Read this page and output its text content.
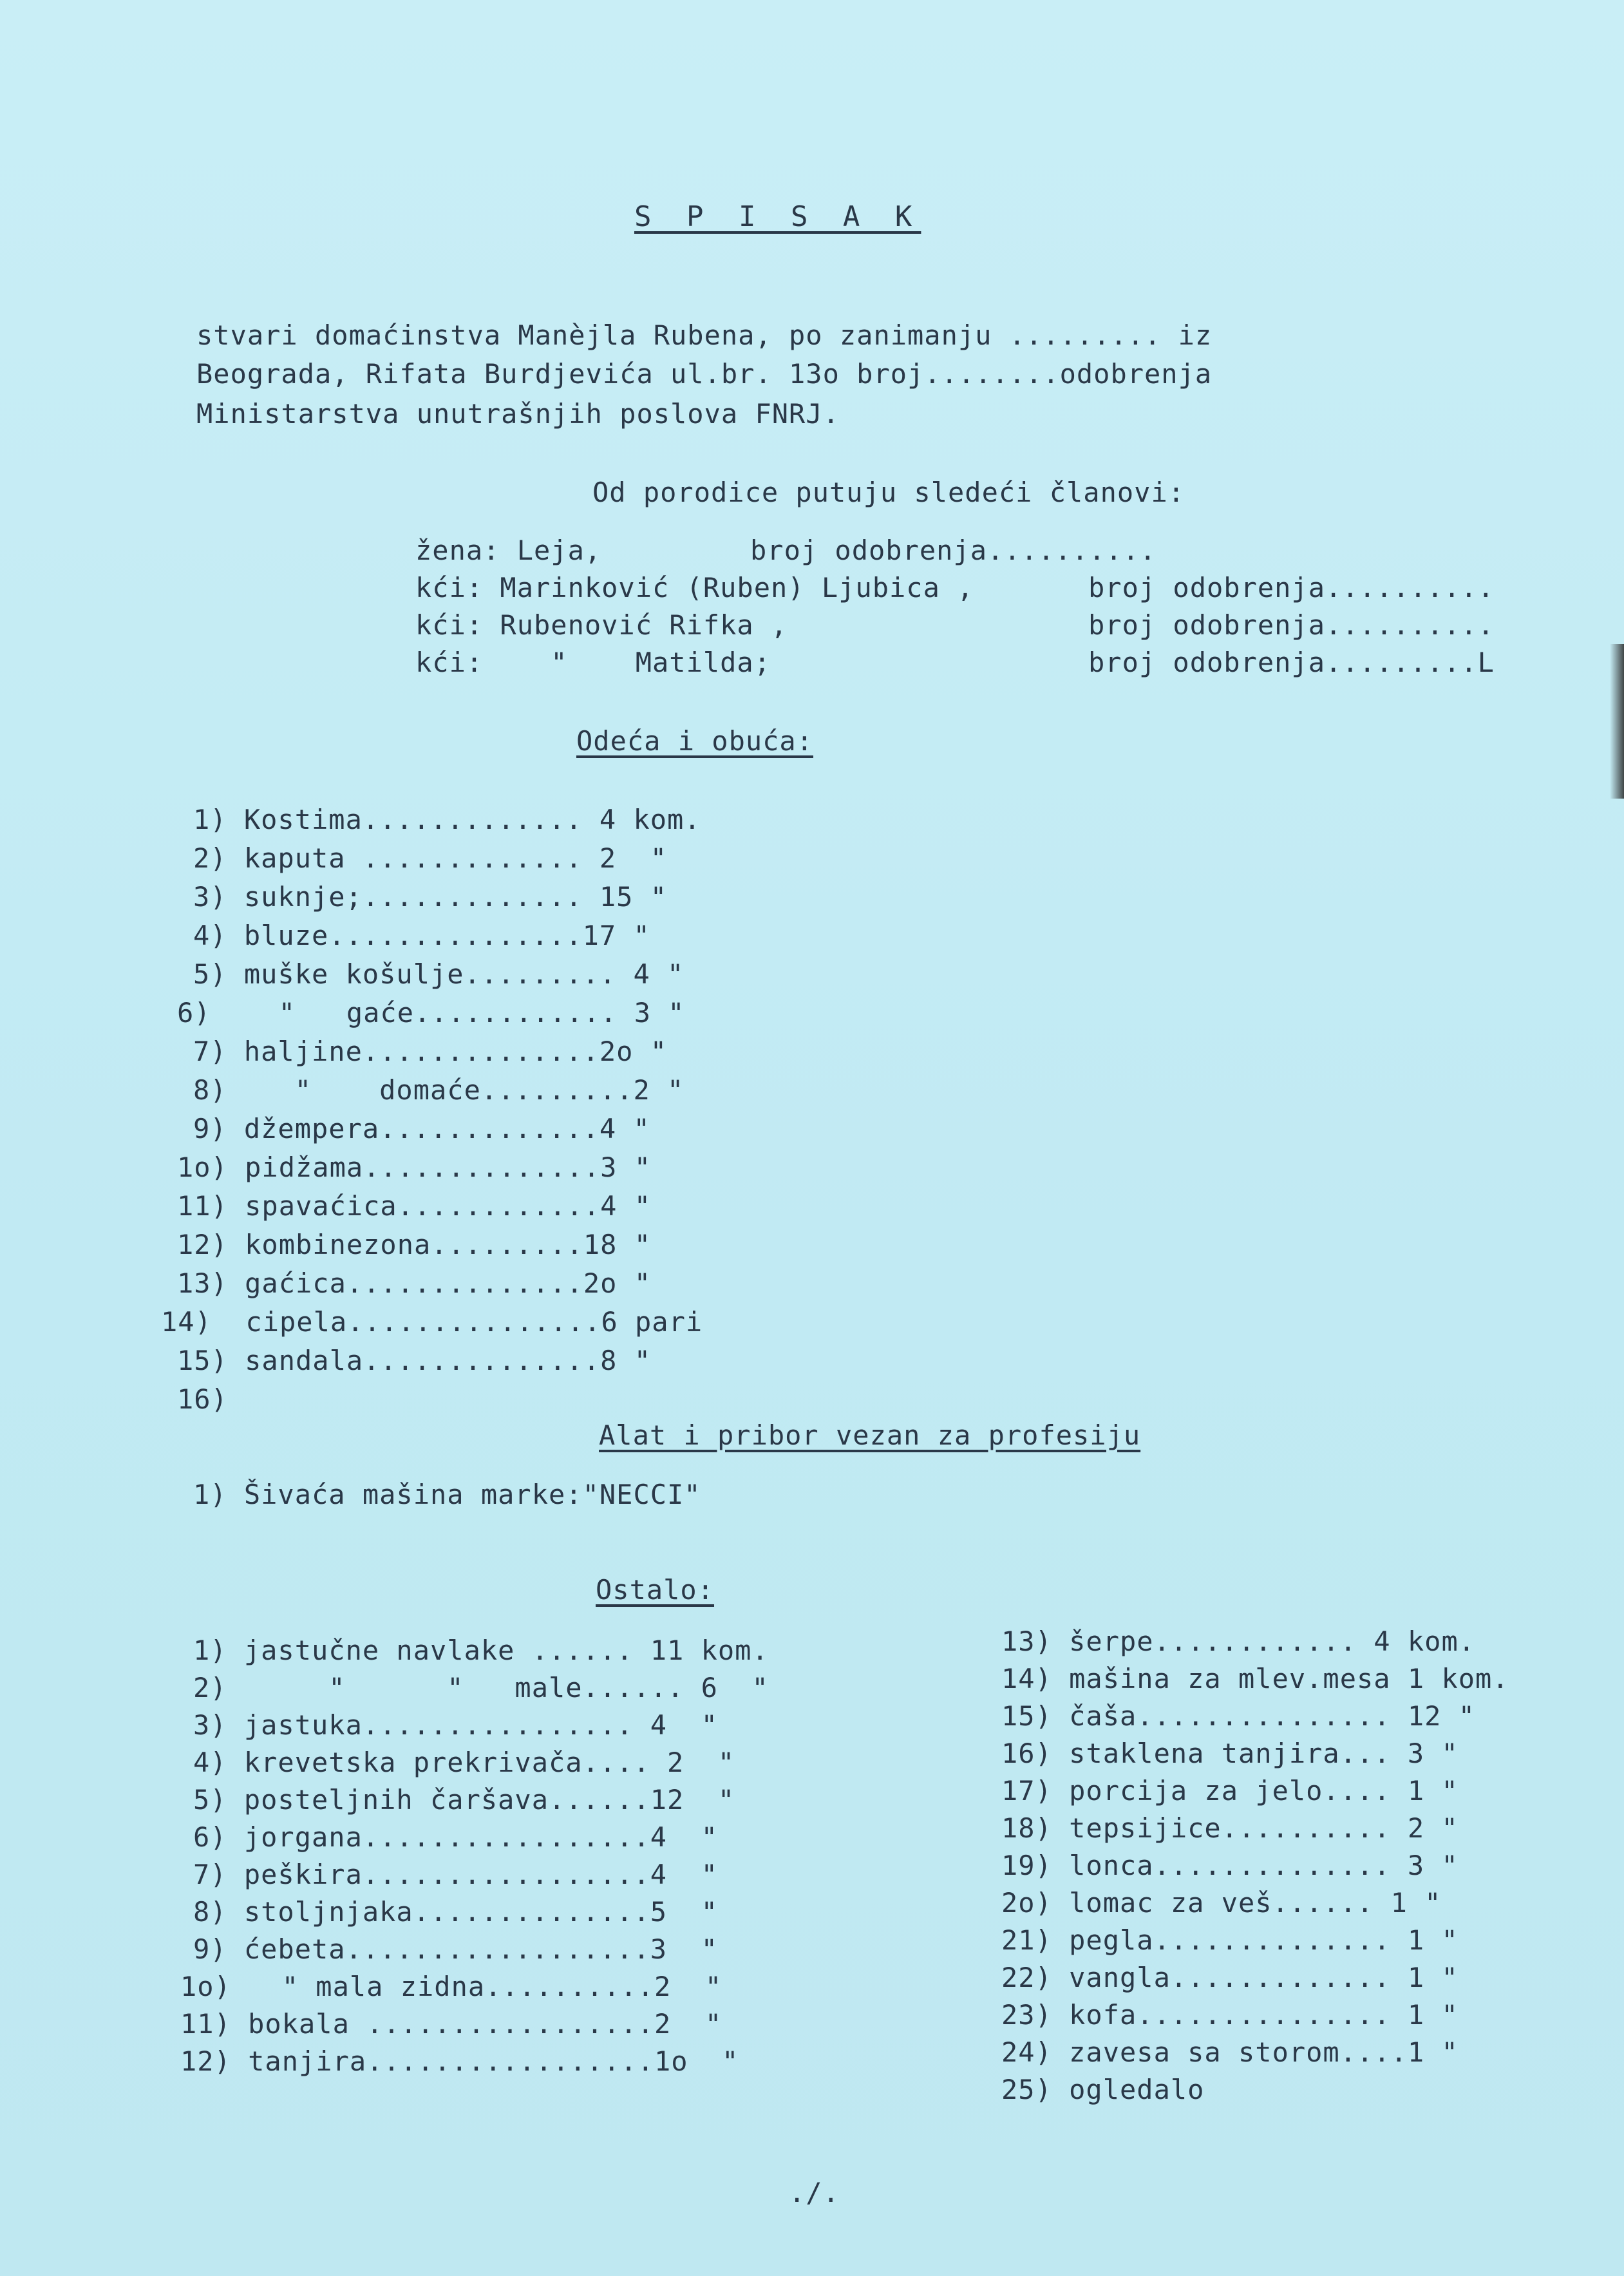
S P I S A K
stvari domaćinstva Manèjla Rubena, po zanimanju ......... iz
Beograda, Rifata Burdjevića ul.br. 13o broj........odobrenja
Ministarstva unutrašnjih poslova FNRJ.
Od porodice putuju sledeći članovi:
žena: Leja,	broj odobrenja..........
kći: Marinković (Ruben) Ljubica ,	broj odobrenja..........
kći: Rubenović Rifka ,	broj odobrenja..........
kći:    "    Matilda;	broj odobrenja.........L
Odeća i obuća:
1) Kostima............. 4 kom.
2) kaputa ............. 2  "
3) suknje;............. 15 "
4) bluze...............17 "
5) muške košulje......... 4 "
6)    "   gaće............ 3 "
7) haljine..............2o "
8)    "    domaće.........2 "
9) džempera.............4 "
1o) pidžama..............3 "
11) spavaćica............4 "
12) kombinezona.........18 "
13) gaćica..............2o "
14)  cipela...............6 pari
15) sandala..............8 "
16)
Alat i pribor vezan za profesiju
1) Šivaća mašina marke:"NECCI"
Ostalo:
1) jastučne navlake ...... 11 kom.
2)      "      "   male...... 6  "
3) jastuka................ 4  "
4) krevetska prekrivača.... 2  "
5) posteljnih čaršava......12  "
6) jorgana.................4  "
7) peškira.................4  "
8) stoljnjaka..............5  "
9) ćebeta..................3  "
1o)   " mala zidna..........2  "
11) bokala .................2  "
12) tanjira.................1o  "
13) šerpe............ 4 kom.
14) mašina za mlev.mesa 1 kom.
15) čaša............... 12 "
16) staklena tanjira... 3 "
17) porcija za jelo.... 1 "
18) tepsijice.......... 2 "
19) lonca.............. 3 "
2o) lomac za veš...... 1 "
21) pegla.............. 1 "
22) vangla............. 1 "
23) kofa............... 1 "
24) zavesa sa storom....1 "
25) ogledalo
./.
